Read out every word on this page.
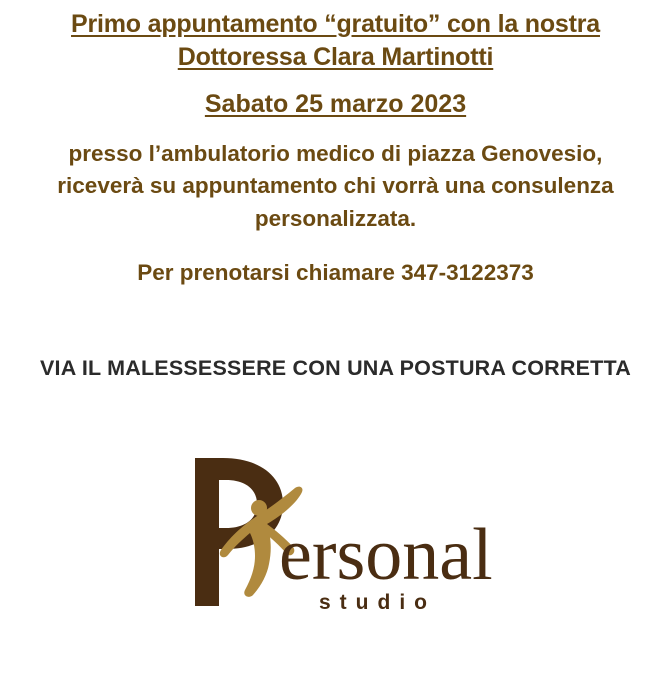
Primo appuntamento “gratuito” con la nostra
Dottoressa Clara Martinotti
Sabato 25 marzo 2023
presso l’ambulatorio medico di piazza Genovesio, riceverà su appuntamento chi vorrà una consulenza personalizzata.
Per prenotarsi chiamare 347-3122373
VIA IL MALESSESSERE CON UNA POSTURA CORRETTA
ersonal
studio
